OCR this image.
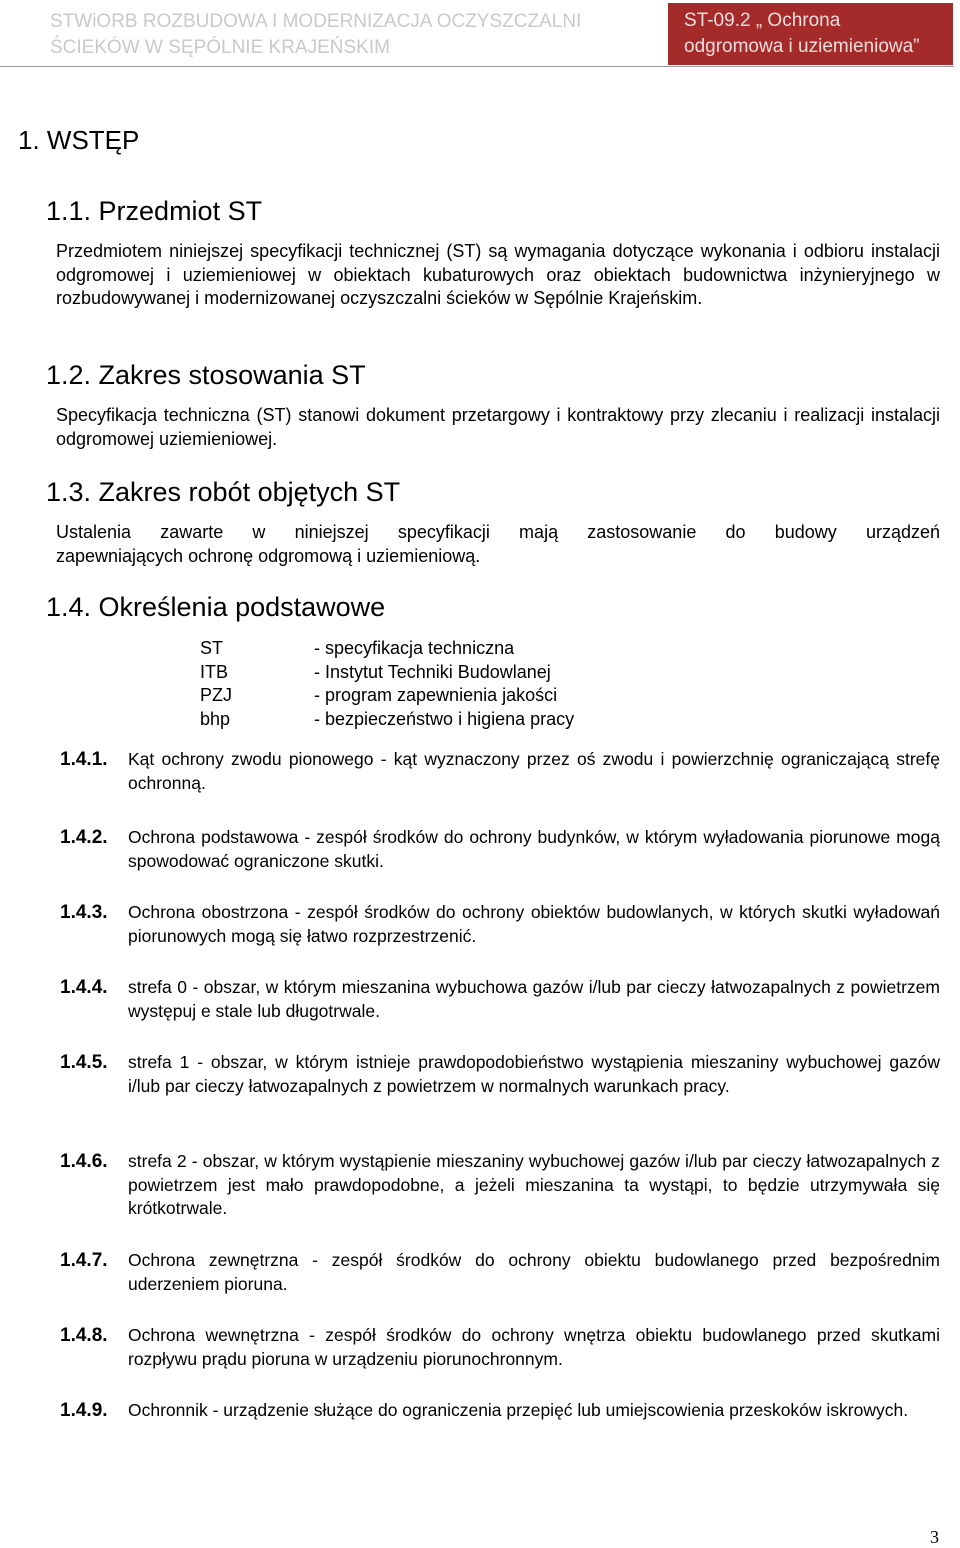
STWiORB ROZBUDOWA I MODERNIZACJA OCZYSZCZALNI
ŚCIEKÓW W SĘPÓLNIE KRAJEŃSKIM
ST-09.2 „ Ochrona
odgromowa i uziemieniowa”
1. WSTĘP
1.1. Przedmiot ST
Przedmiotem niniejszej specyfikacji technicznej (ST) są wymagania dotyczące wykonania i odbioru instalacji odgromowej i uziemieniowej w obiektach kubaturowych oraz obiektach budownictwa inżynieryjnego w rozbudowywanej i modernizowanej oczyszczalni ścieków w Sępólnie Krajeńskim.
1.2. Zakres stosowania ST
Specyfikacja techniczna (ST) stanowi dokument przetargowy i kontraktowy przy zlecaniu i realizacji instalacji odgromowej uziemieniowej.
1.3. Zakres robót objętych ST
Ustalenia zawarte w niniejszej specyfikacji mają zastosowanie do budowy urządzeń
zapewniających ochronę odgromową i uziemieniową.
1.4. Określenia podstawowe
ST	- specyfikacja techniczna
ITB	- Instytut Techniki Budowlanej
PZJ	- program zapewnienia jakości
bhp	- bezpieczeństwo i higiena pracy
1.4.1. Kąt ochrony zwodu pionowego - kąt wyznaczony przez oś zwodu i powierzchnię ograniczającą strefę ochronną.
1.4.2. Ochrona podstawowa - zespół środków do ochrony budynków, w którym wyładowania piorunowe mogą spowodować ograniczone skutki.
1.4.3. Ochrona obostrzona - zespół środków do ochrony obiektów budowlanych, w których skutki wyładowań piorunowych mogą się łatwo rozprzestrzenić.
1.4.4. strefa 0 - obszar, w którym mieszanina wybuchowa gazów i/lub par cieczy łatwozapalnych z powietrzem występuj e stale lub długotrwale.
1.4.5. strefa 1 - obszar, w którym istnieje prawdopodobieństwo wystąpienia mieszaniny wybuchowej gazów i/lub par cieczy łatwozapalnych z powietrzem w normalnych warunkach pracy.
1.4.6. strefa 2 - obszar, w którym wystąpienie mieszaniny wybuchowej gazów i/lub par cieczy łatwozapalnych z powietrzem jest mało prawdopodobne, a jeżeli mieszanina ta wystąpi, to będzie utrzymywała się krótkotrwale.
1.4.7. Ochrona zewnętrzna - zespół środków do ochrony obiektu budowlanego przed bezpośrednim uderzeniem pioruna.
1.4.8. Ochrona wewnętrzna - zespół środków do ochrony wnętrza obiektu budowlanego przed skutkami rozpływu prądu pioruna w urządzeniu piorunochronnym.
1.4.9. Ochronnik - urządzenie służące do ograniczenia przepięć lub umiejscowienia przeskoków iskrowych.
3
